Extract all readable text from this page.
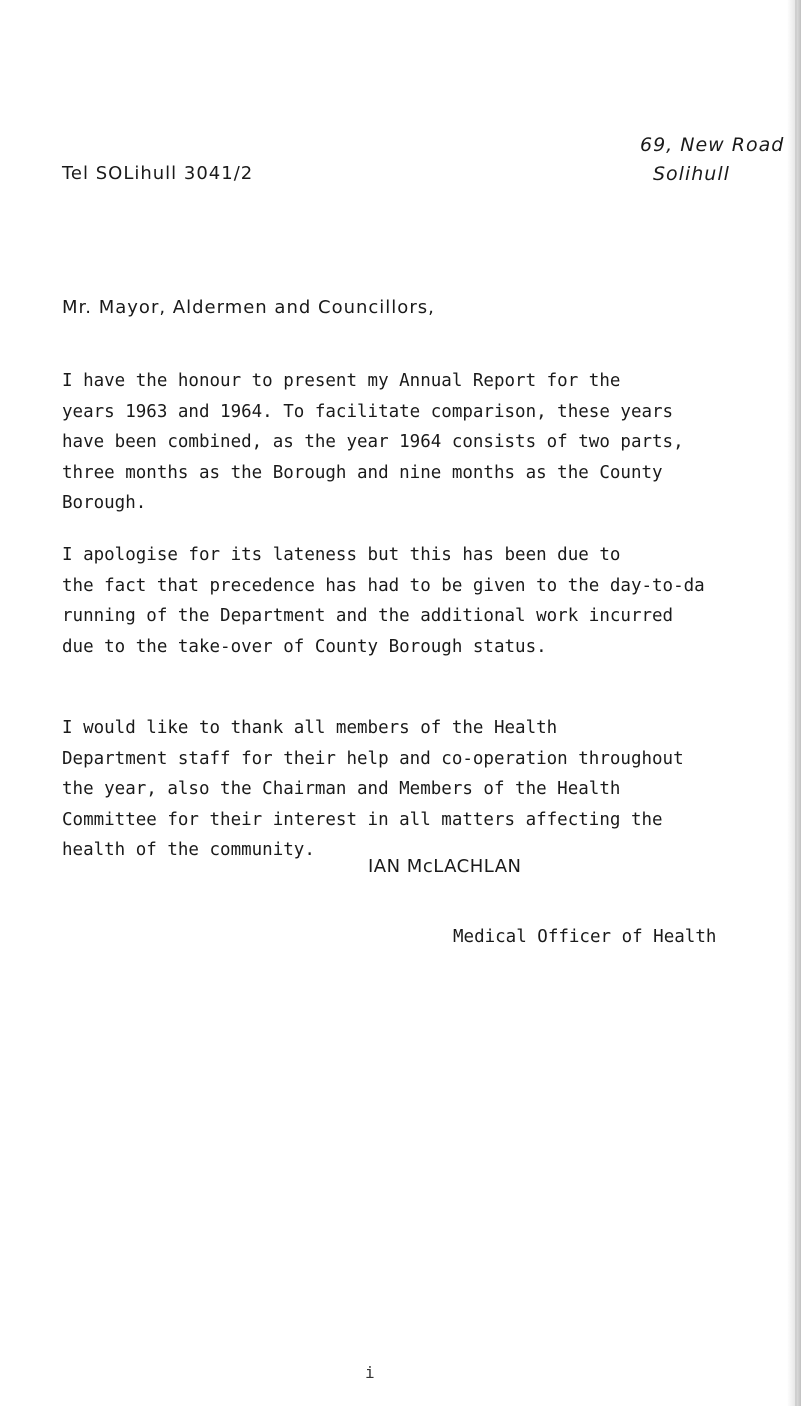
69, New Road
Tel SOLihull 3041/2	Solihull
Mr. Mayor, Aldermen and Councillors,

I have the honour to present my Annual Report for the
years 1963 and 1964. To facilitate comparison, these years
have been combined, as the year 1964 consists of two parts,
three months as the Borough and nine months as the County
Borough.

I apologise for its lateness but this has been due to
the fact that precedence has had to be given to the day-to-da
running of the Department and the additional work incurred
due to the take-over of County Borough status.

I would like to thank all members of the Health
Department staff for their help and co-operation throughout
the year, also the Chairman and Members of the Health
Committee for their interest in all matters affecting the
health of the community.

IAN McLACHLAN
Medical Officer of Health
i
